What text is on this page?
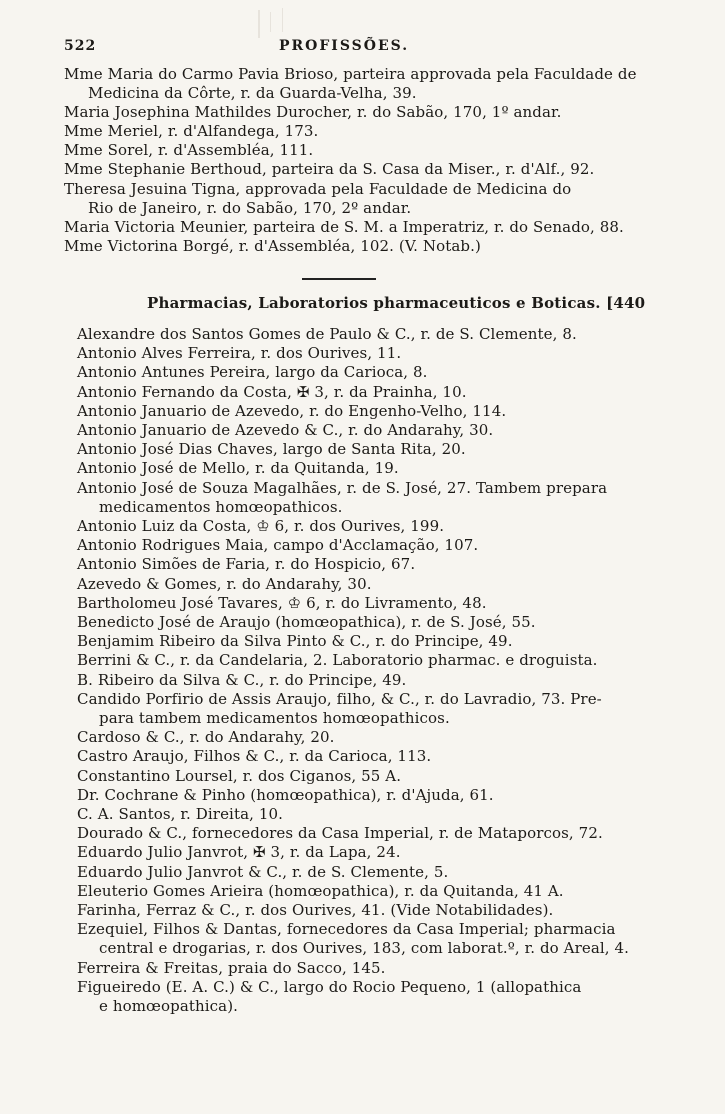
522	PROFISSÕES.
Mme Maria do Carmo Pavia Brioso, parteira approvada pela Faculdade de
Medicina da Côrte, r. da Guarda-Velha, 39.
Maria Josephina Mathildes Durocher, r. do Sabão, 170, 1º andar.
Mme Meriel, r. d'Alfandega, 173.
Mme Sorel, r. d'Assembléa, 111.
Mme Stephanie Berthoud, parteira da S. Casa da Miser., r. d'Alf., 92.
Theresa Jesuina Tigna, approvada pela Faculdade de Medicina do
Rio de Janeiro, r. do Sabão, 170, 2º andar.
Maria Victoria Meunier, parteira de S. M. a Imperatriz, r. do Senado, 88.
Mme Victorina Borgé, r. d'Assembléa, 102. (V. Notab.)
Pharmacias, Laboratorios pharmaceuticos e Boticas. [440
Alexandre dos Santos Gomes de Paulo & C., r. de S. Clemente, 8.
Antonio Alves Ferreira, r. dos Ourives, 11.
Antonio Antunes Pereira, largo da Carioca, 8.
Antonio Fernando da Costa, ✠ 3, r. da Prainha, 10.
Antonio Januario de Azevedo, r. do Engenho-Velho, 114.
Antonio Januario de Azevedo & C., r. do Andarahy, 30.
Antonio José Dias Chaves, largo de Santa Rita, 20.
Antonio José de Mello, r. da Quitanda, 19.
Antonio José de Souza Magalhães, r. de S. José, 27. Tambem prepara
medicamentos homœopathicos.
Antonio Luiz da Costa, ♔ 6, r. dos Ourives, 199.
Antonio Rodrigues Maia, campo d'Acclamação, 107.
Antonio Simões de Faria, r. do Hospicio, 67.
Azevedo & Gomes, r. do Andarahy, 30.
Bartholomeu José Tavares, ♔ 6, r. do Livramento, 48.
Benedicto José de Araujo (homœopathica), r. de S. José, 55.
Benjamim Ribeiro da Silva Pinto & C., r. do Principe, 49.
Berrini & C., r. da Candelaria, 2. Laboratorio pharmac. e droguista.
B. Ribeiro da Silva & C., r. do Principe, 49.
Candido Porfirio de Assis Araujo, filho, & C., r. do Lavradio, 73. Pre-
para tambem medicamentos homœopathicos.
Cardoso & C., r. do Andarahy, 20.
Castro Araujo, Filhos & C., r. da Carioca, 113.
Constantino Loursel, r. dos Ciganos, 55 A.
Dr. Cochrane & Pinho (homœopathica), r. d'Ajuda, 61.
C. A. Santos, r. Direita, 10.
Dourado & C., fornecedores da Casa Imperial, r. de Mataporcos, 72.
Eduardo Julio Janvrot, ✠ 3, r. da Lapa, 24.
Eduardo Julio Janvrot & C., r. de S. Clemente, 5.
Eleuterio Gomes Arieira (homœopathica), r. da Quitanda, 41 A.
Farinha, Ferraz & C., r. dos Ourives, 41. (Vide Notabilidades).
Ezequiel, Filhos & Dantas, fornecedores da Casa Imperial; pharmacia
central e drogarias, r. dos Ourives, 183, com laborat.º, r. do Areal, 4.
Ferreira & Freitas, praia do Sacco, 145.
Figueiredo (E. A. C.) & C., largo do Rocio Pequeno, 1 (allopathica
e homœopathica).
